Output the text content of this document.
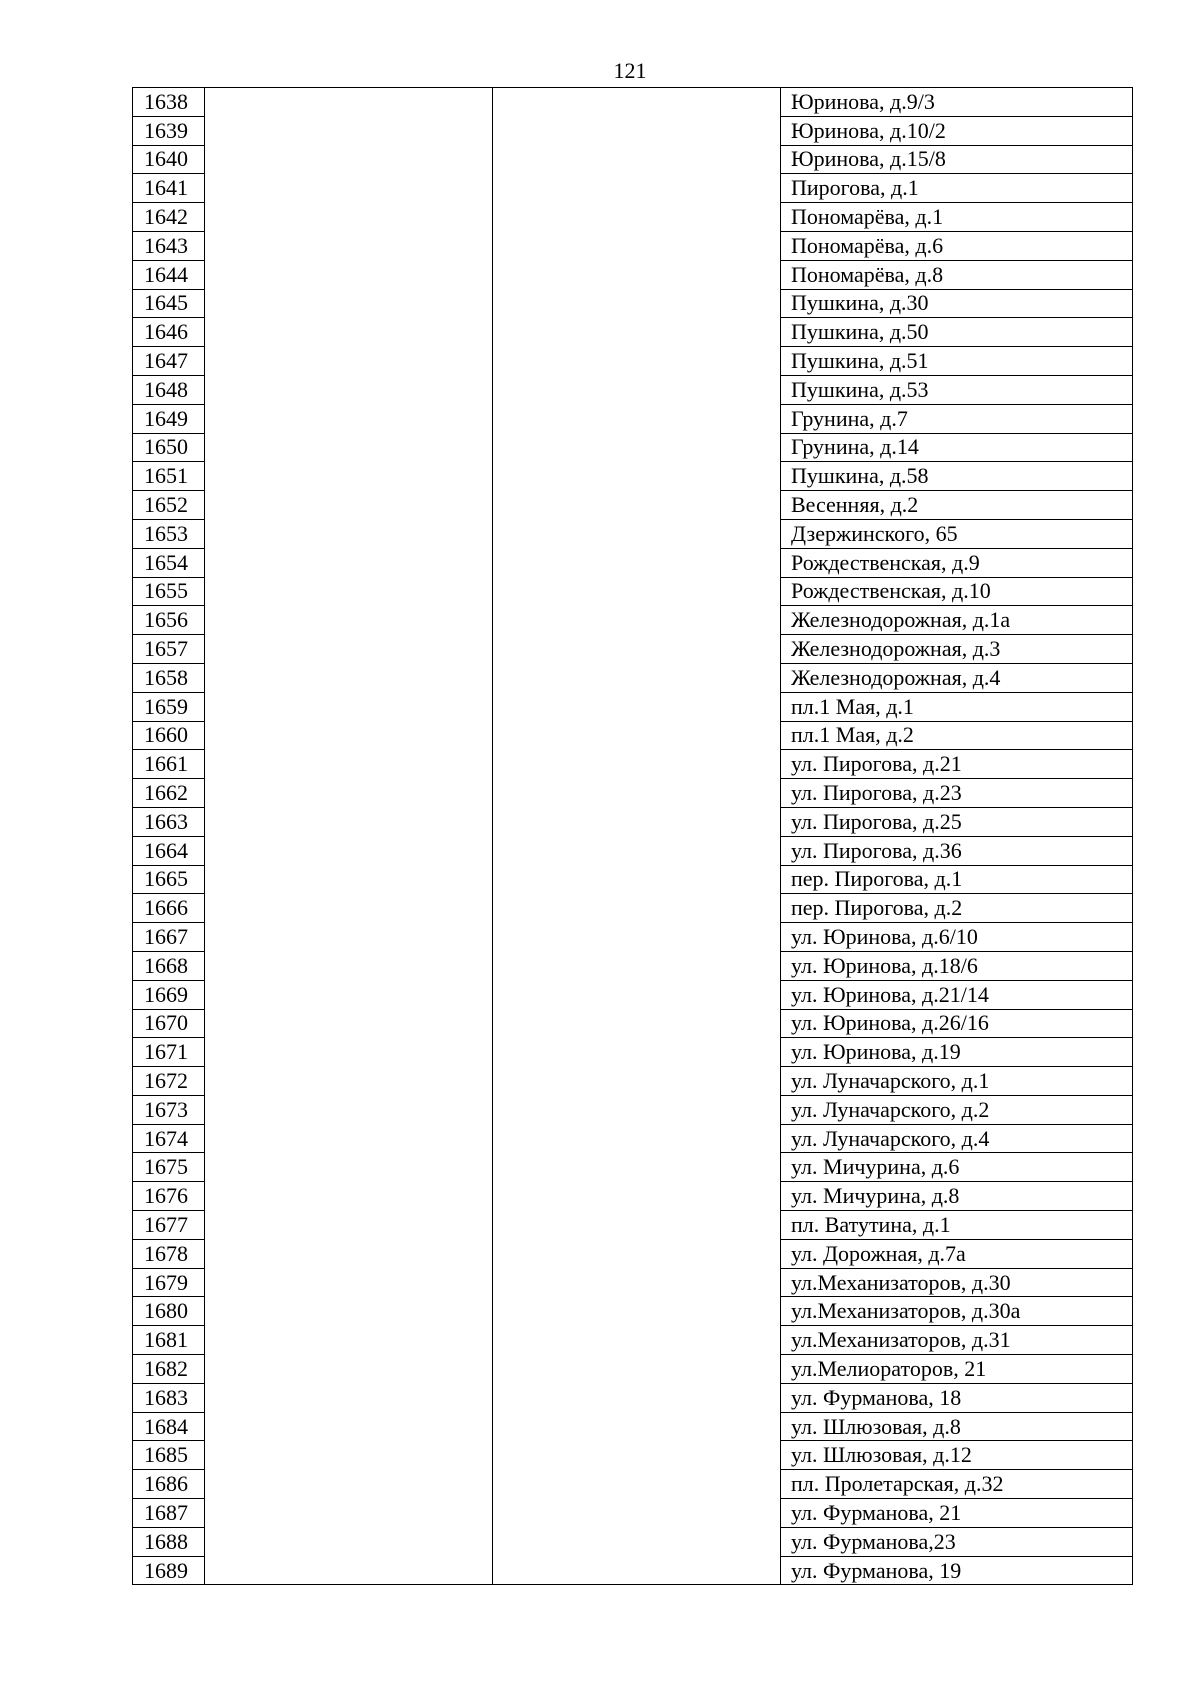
121
1638			Юринова, д.9/3
1639			Юринова, д.10/2
1640			Юринова, д.15/8
1641			Пирогова, д.1
1642			Пономарёва, д.1
1643			Пономарёва, д.6
1644			Пономарёва, д.8
1645			Пушкина, д.30
1646			Пушкина, д.50
1647			Пушкина, д.51
1648			Пушкина, д.53
1649			Грунина, д.7
1650			Грунина, д.14
1651			Пушкина, д.58
1652			Весенняя, д.2
1653			Дзержинского, 65
1654			Рождественская, д.9
1655			Рождественская, д.10
1656			Железнодорожная, д.1а
1657			Железнодорожная, д.3
1658			Железнодорожная, д.4
1659			пл.1 Мая, д.1
1660			пл.1 Мая, д.2
1661			ул. Пирогова, д.21
1662			ул. Пирогова, д.23
1663			ул. Пирогова, д.25
1664			ул. Пирогова, д.36
1665			пер. Пирогова, д.1
1666			пер. Пирогова, д.2
1667			ул. Юринова, д.6/10
1668			ул. Юринова, д.18/6
1669			ул. Юринова, д.21/14
1670			ул. Юринова, д.26/16
1671			ул. Юринова, д.19
1672			ул. Луначарского, д.1
1673			ул. Луначарского, д.2
1674			ул. Луначарского, д.4
1675			ул. Мичурина, д.6
1676			ул. Мичурина, д.8
1677			пл. Ватутина, д.1
1678			ул. Дорожная, д.7а
1679			ул.Механизаторов, д.30
1680			ул.Механизаторов, д.30а
1681			ул.Механизаторов, д.31
1682			ул.Мелиораторов, 21
1683			ул. Фурманова, 18
1684			ул. Шлюзовая, д.8
1685			ул. Шлюзовая, д.12
1686			пл. Пролетарская, д.32
1687			ул. Фурманова, 21
1688			ул. Фурманова,23
1689			ул. Фурманова, 19
